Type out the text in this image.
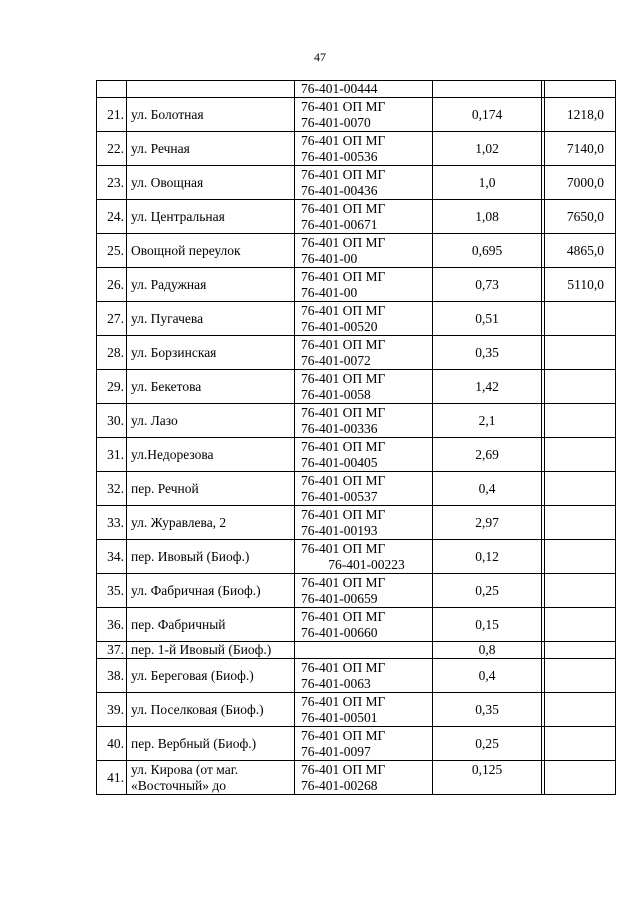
47

		76-401-00444			

21.	ул. Болотная	76-401 ОП МГ
76-401-0070	0,174		1218,0
22.	ул. Речная	76-401 ОП МГ
76-401-00536	1,02		7140,0
23.	ул. Овощная	76-401 ОП МГ
76-401-00436	1,0		7000,0
24.	ул. Центральная	76-401 ОП МГ
76-401-00671	1,08		7650,0
25.	Овощной переулок	76-401 ОП МГ
76-401-00	0,695		4865,0
26.	ул. Радужная	76-401 ОП МГ
76-401-00	0,73		5110,0
27.	ул. Пугачева	76-401 ОП МГ
76-401-00520	0,51		
28.	ул. Борзинская	76-401 ОП МГ
76-401-0072	0,35		
29.	ул. Бекетова	76-401 ОП МГ
76-401-0058	1,42		
30.	ул. Лазо	76-401 ОП МГ
76-401-00336	2,1		
31.	ул.Недорезова	76-401 ОП МГ
76-401-00405	2,69		
32.	пер. Речной	76-401 ОП МГ
76-401-00537	0,4		
33.	ул. Журавлева, 2	76-401 ОП МГ
76-401-00193	2,97		
34.	пер. Ивовый (Биоф.)	76-401 ОП МГ
76-401-00223	0,12		
35.	ул. Фабричная (Биоф.)	76-401 ОП МГ
76-401-00659	0,25		
36.	пер. Фабричный	76-401 ОП МГ
76-401-00660	0,15		
37.	пер. 1-й Ивовый (Биоф.)		0,8		
38.	ул. Береговая (Биоф.)	76-401 ОП МГ
76-401-0063	0,4		
39.	ул. Поселковая (Биоф.)	76-401 ОП МГ
76-401-00501	0,35		
40.	пер. Вербный (Биоф.)	76-401 ОП МГ
76-401-0097	0,25		
41.	ул. Кирова (от маг. «Восточный» до	76-401 ОП МГ
76-401-00268	0,125		
